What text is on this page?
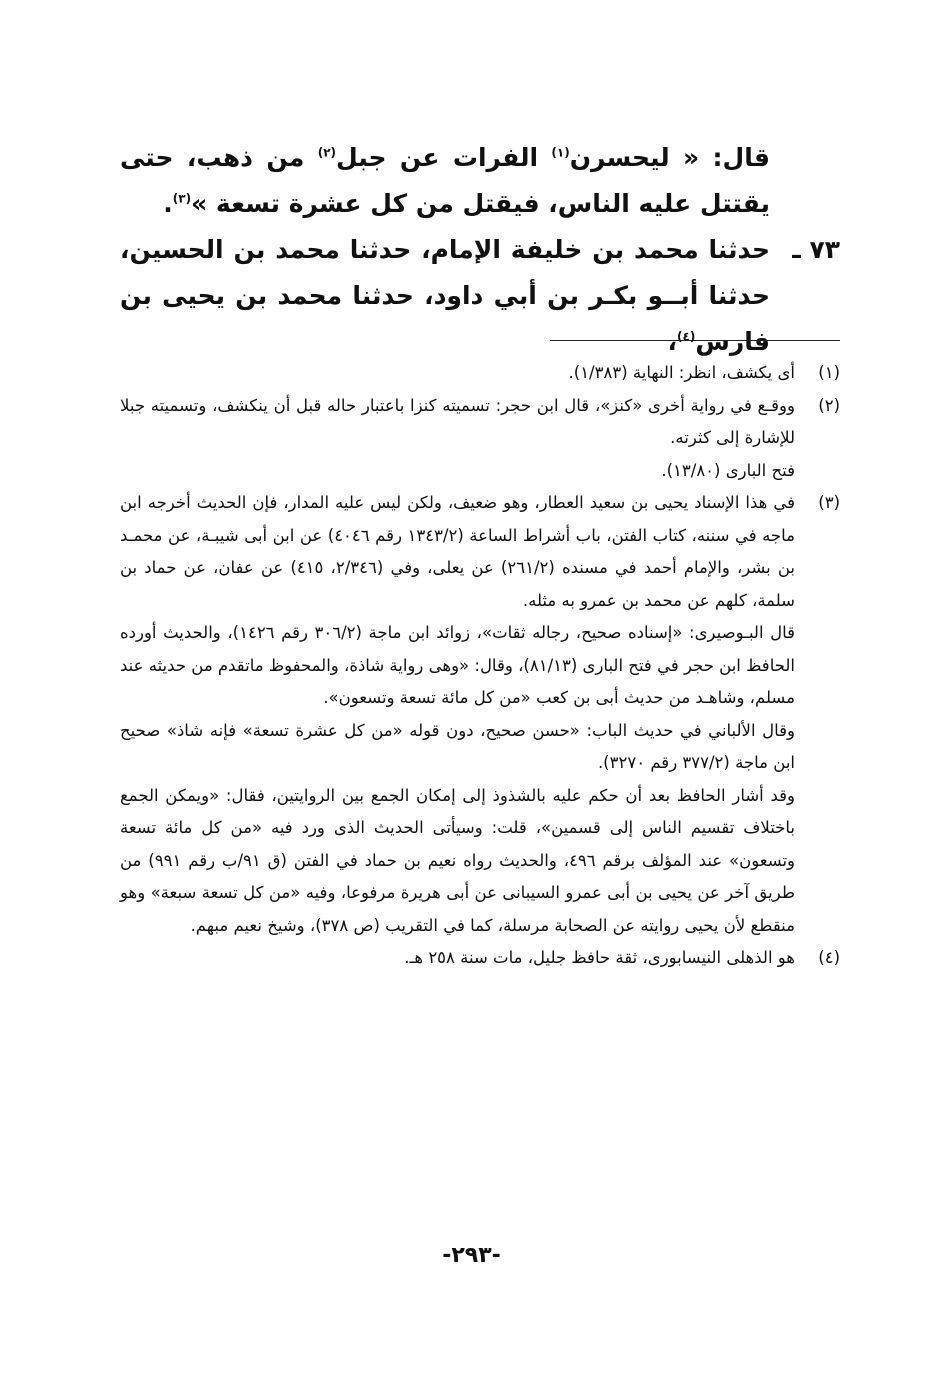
قال: « ليحسرن$^{(١)}$ الفرات عن جبل$^{(٢)}$ من ذهب، حتى يقتتل عليه الناس، فيقتل من كل عشرة تسعة »$^{(٣)}$.
٧٣ ـ
حدثنا محمد بن خليفة الإمام، حدثنا محمد بن الحسين، حدثنا أبــو بكـر بن أبي داود، حدثنا محمد بن يحيى بن فارس$^{(٤)}$،
(١)

أى يكشف، انظر: النهاية (١/٣٨٣).

(٢)

ووقـع في رواية أخرى «كنز»، قال ابن حجر: تسميته كنزا باعتبار حاله قبل أن ينكشف، وتسميته جبلا للإشارة إلى كثرته.

فتح البارى (١٣/٨٠).

(٣)

في هذا الإسناد يحيى بن سعيد العطار، وهو ضعيف، ولكن ليس عليه المدار، فإن الحديث أخرجه ابن ماجه في سننه، كتاب الفتن، باب أشراط الساعة (١٣٤٣/٢ رقم ٤٠٤٦) عن ابن أبى شيبـة، عن محمـد بن بشر، والإمام أحمد في مسنده (٢٦١/٢) عن يعلى، وفي (٢/٣٤٦، ٤١٥) عن عفان، عن حماد بن سلمة، كلهم عن محمد بن عمرو به مثله.

قال البـوصيرى: «إسناده صحيح، رجاله ثقات»، زوائد ابن ماجة (٣٠٦/٢ رقم ١٤٢٦)، والحديث أورده الحافظ ابن حجر في فتح البارى (٨١/١٣)، وقال: «وهى رواية شاذة، والمحفوظ ماتقدم من حديثه عند مسلم، وشاهـد من حديث أبى بن كعب «من كل مائة تسعة وتسعون».

وقال الألباني في حديث الباب: «حسن صحيح، دون قوله «من كل عشرة تسعة» فإنه شاذ» صحيح ابن ماجة (٣٧٧/٢ رقم ٣٢٧٠).

وقد أشار الحافظ بعد أن حكم عليه بالشذوذ إلى إمكان الجمع بين الروايتين، فقال: «ويمكن الجمع باختلاف تقسيم الناس إلى قسمين»، قلت: وسيأتى الحديث الذى ورد فيه «من كل مائة تسعة وتسعون» عند المؤلف برقم ٤٩٦، والحديث رواه نعيم بن حماد في الفتن (ق ٩١/ب رقم ٩٩١) من طريق آخر عن يحيى بن أبى عمرو السيبانى عن أبى هريرة مرفوعا، وفيه «من كل تسعة سبعة» وهو منقطع لأن يحيى روايته عن الصحابة مرسلة، كما في التقريب (ص ٣٧٨)، وشيخ نعيم مبهم.

(٤)

هو الذهلى النيسابورى، ثقة حافظ جليل، مات سنة ٢٥٨ هـ.

-٢٩٣-
